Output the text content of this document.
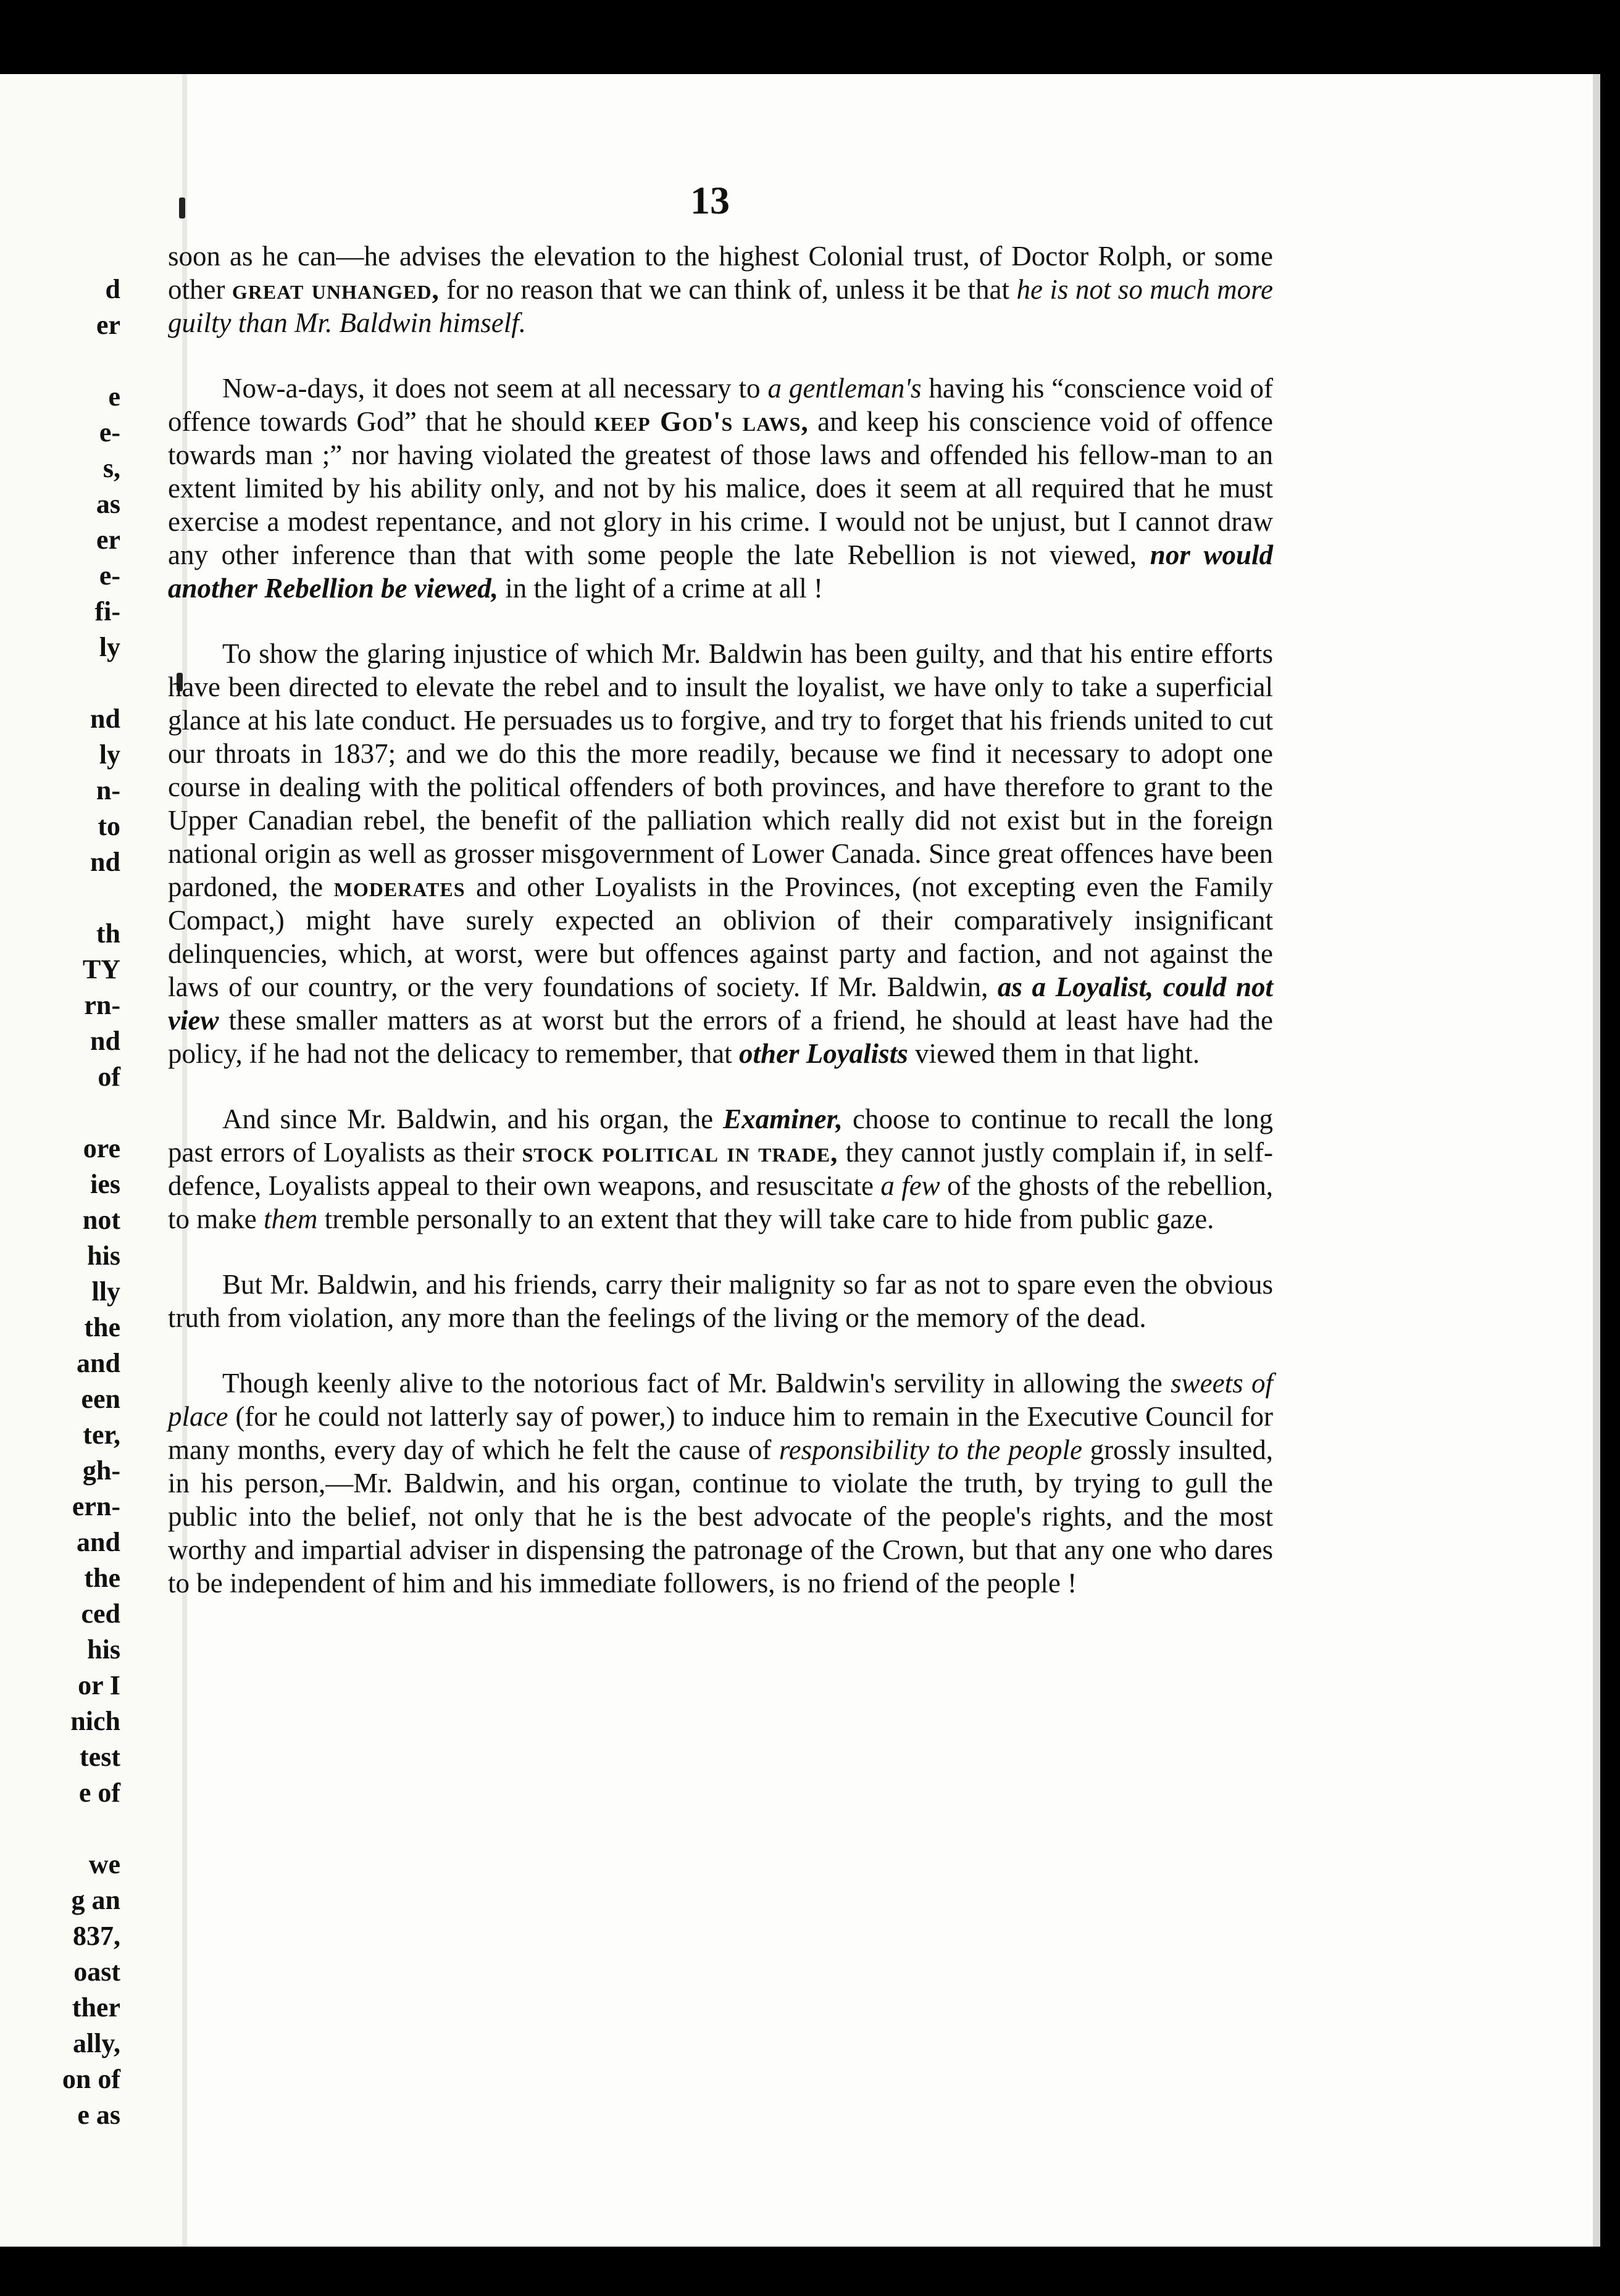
d
er
e
e-
s,
as
er
e-
fi-
ly
nd
ly
n-
to
nd
th
TY
rn-
nd
of
ore
ies
not
his
lly
the
and
een
ter,
gh-
ern-
and
the
ced
his
or I
nich
test
e of
we
g an
837,
oast
ther
ally,
on of
e as
13

soon as he can—he advises the elevation to the highest Colonial trust, of Doctor Rolph, or some other great unhanged, for no reason that we can think of, unless it be that he is not so much more guilty than Mr. Baldwin himself.

Now-a-days, it does not seem at all necessary to a gentleman's having his “conscience void of offence towards God” that he should keep God's laws, and keep his conscience void of offence towards man ;” nor having violated the greatest of those laws and offended his fellow-man to an extent limited by his ability only, and not by his malice, does it seem at all required that he must exercise a modest repentance, and not glory in his crime. I would not be unjust, but I cannot draw any other inference than that with some people the late Rebellion is not viewed, nor would another Rebellion be viewed, in the light of a crime at all !

To show the glaring injustice of which Mr. Baldwin has been guilty, and that his entire efforts have been directed to elevate the rebel and to insult the loyalist, we have only to take a superficial glance at his late conduct. He persuades us to forgive, and try to forget that his friends united to cut our throats in 1837; and we do this the more readily, because we find it necessary to adopt one course in dealing with the political offenders of both provinces, and have therefore to grant to the Upper Canadian rebel, the benefit of the palliation which really did not exist but in the foreign national origin as well as grosser misgovernment of Lower Canada. Since great offences have been pardoned, the moderates and other Loyalists in the Provinces, (not excepting even the Family Compact,) might have surely expected an oblivion of their comparatively insignificant delinquencies, which, at worst, were but offences against party and faction, and not against the laws of our country, or the very foundations of society. If Mr. Baldwin, as a Loyalist, could not view these smaller matters as at worst but the errors of a friend, he should at least have had the policy, if he had not the delicacy to remember, that other Loyalists viewed them in that light.

And since Mr. Baldwin, and his organ, the Examiner, choose to continue to recall the long past errors of Loyalists as their stock political in trade, they cannot justly complain if, in self-defence, Loyalists appeal to their own weapons, and resuscitate a few of the ghosts of the rebellion, to make them tremble personally to an extent that they will take care to hide from public gaze.

But Mr. Baldwin, and his friends, carry their malignity so far as not to spare even the obvious truth from violation, any more than the feelings of the living or the memory of the dead.

Though keenly alive to the notorious fact of Mr. Baldwin's servility in allowing the sweets of place (for he could not latterly say of power,) to induce him to remain in the Executive Council for many months, every day of which he felt the cause of responsibility to the people grossly insulted, in his person,—Mr. Baldwin, and his organ, continue to violate the truth, by trying to gull the public into the belief, not only that he is the best advocate of the people's rights, and the most worthy and impartial adviser in dispensing the patronage of the Crown, but that any one who dares to be independent of him and his immediate followers, is no friend of the people !
